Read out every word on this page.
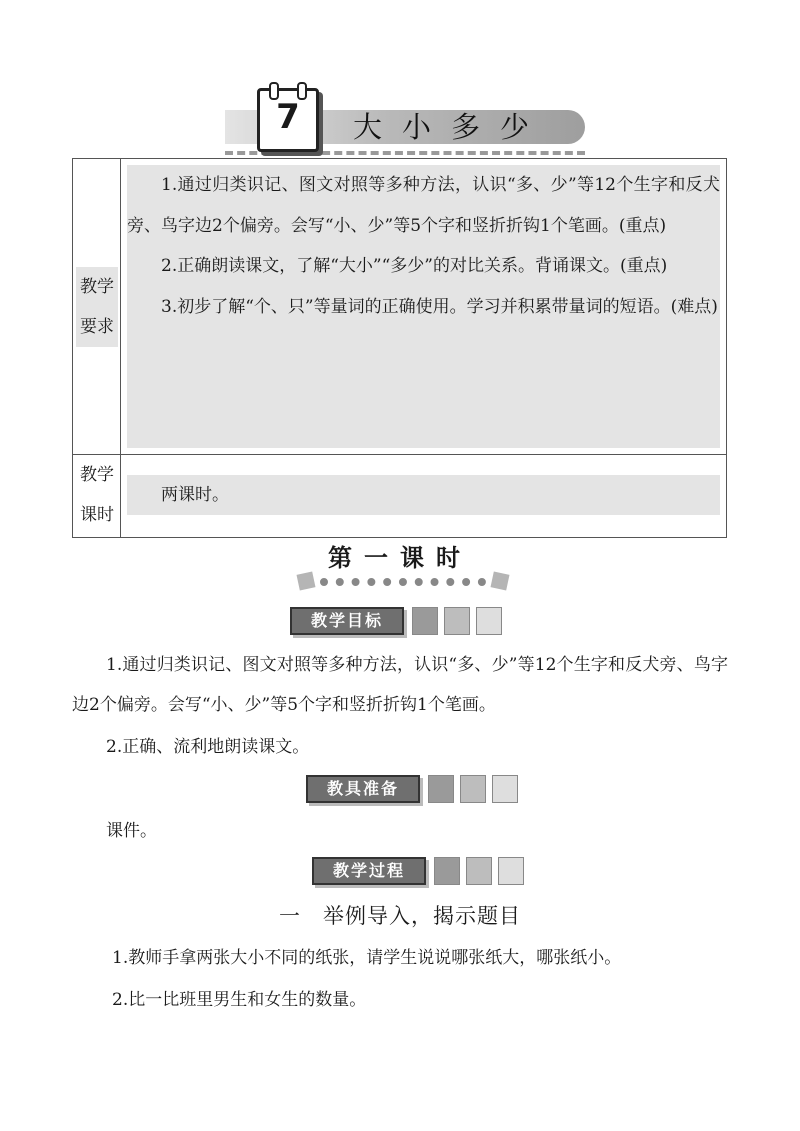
7	大小多少
教学要求

1.通过归类识记、图文对照等多种方法，认识“多、少”等12个生字和反犬旁、鸟字边2个偏旁。会写“小、少”等5个字和竖折折钩1个笔画。(重点)

2.正确朗读课文，了解“大小”“多少”的对比关系。背诵课文。(重点)

3.初步了解“个、只”等量词的正确使用。学习并积累带量词的短语。(难点)

教学课时

两课时。

第一课时
教学目标

1.通过归类识记、图文对照等多种方法，认识“多、少”等12个生字和反犬旁、鸟字边2个偏旁。会写“小、少”等5个字和竖折折钩1个笔画。

2.正确、流利地朗读课文。

教具准备

课件。

教学过程
一　举例导入，揭示题目

1.教师手拿两张大小不同的纸张，请学生说说哪张纸大，哪张纸小。

2.比一比班里男生和女生的数量。
